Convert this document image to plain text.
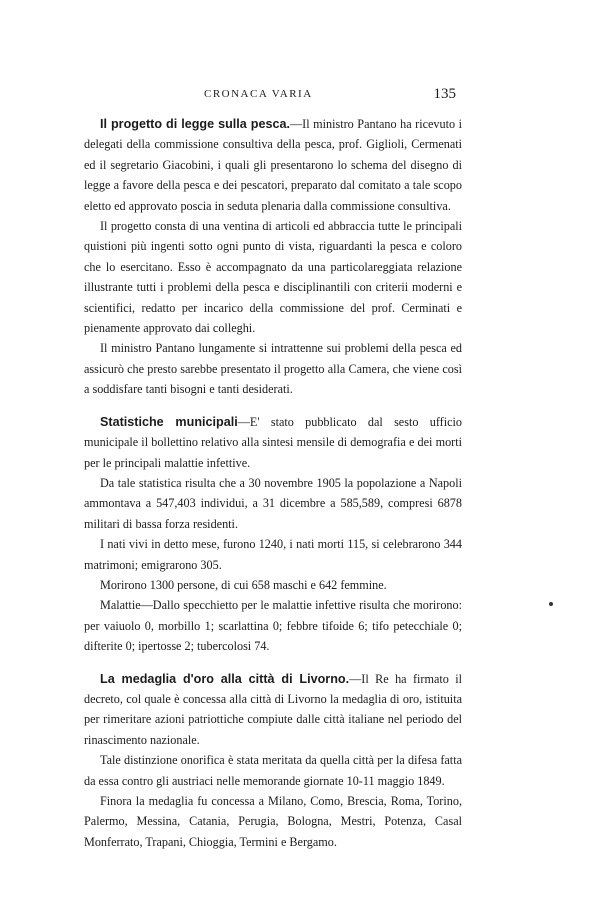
CRONACA VARIA	135

Il progetto di legge sulla pesca.—Il ministro Pantano ha ricevuto i delegati della commissione consultiva della pesca, prof. Giglioli, Cermenati ed il segretario Giacobini, i quali gli presentarono lo schema del disegno di legge a favore della pesca e dei pescatori, preparato dal comitato a tale scopo eletto ed approvato poscia in seduta plenaria dalla commissione consultiva.

Il progetto consta di una ventina di articoli ed abbraccia tutte le principali quistioni più ingenti sotto ogni punto di vista, riguardanti la pesca e coloro che lo esercitano. Esso è accompagnato da una particolareggiata relazione illustrante tutti i problemi della pesca e disciplinantili con criterii moderni e scientifici, redatto per incarico della commissione del prof. Cerminati e pienamente approvato dai colleghi.

Il ministro Pantano lungamente si intrattenne sui problemi della pesca ed assicurò che presto sarebbe presentato il progetto alla Camera, che viene così a soddisfare tanti bisogni e tanti desiderati.

Statistiche municipali—E' stato pubblicato dal sesto ufficio municipale il bollettino relativo alla sintesi mensile di demografia e dei morti per le principali malattie infettive.

Da tale statistica risulta che a 30 novembre 1905 la popolazione a Napoli ammontava a 547,403 individui, a 31 dicembre a 585,589, compresi 6878 militari di bassa forza residenti.

I nati vivi in detto mese, furono 1240, i nati morti 115, si celebrarono 344 matrimoni; emigrarono 305.

Morirono 1300 persone, di cui 658 maschi e 642 femmine.

Malattie—Dallo specchietto per le malattie infettive risulta che morirono: per vaiuolo 0, morbillo 1; scarlattina 0; febbre tifoide 6; tifo petecchiale 0; difterite 0; ipertosse 2; tubercolosi 74.

La medaglia d'oro alla città di Livorno.—Il Re ha firmato il decreto, col quale è concessa alla città di Livorno la medaglia di oro, istituita per rimeritare azioni patriottiche compiute dalle città italiane nel periodo del rinascimento nazionale.

Tale distinzione onorifica è stata meritata da quella città per la difesa fatta da essa contro gli austriaci nelle memorande giornate 10-11 maggio 1849.

Finora la medaglia fu concessa a Milano, Como, Brescia, Roma, Torino, Palermo, Messina, Catania, Perugia, Bologna, Mestri, Potenza, Casal Monferrato, Trapani, Chioggia, Termini e Bergamo.
